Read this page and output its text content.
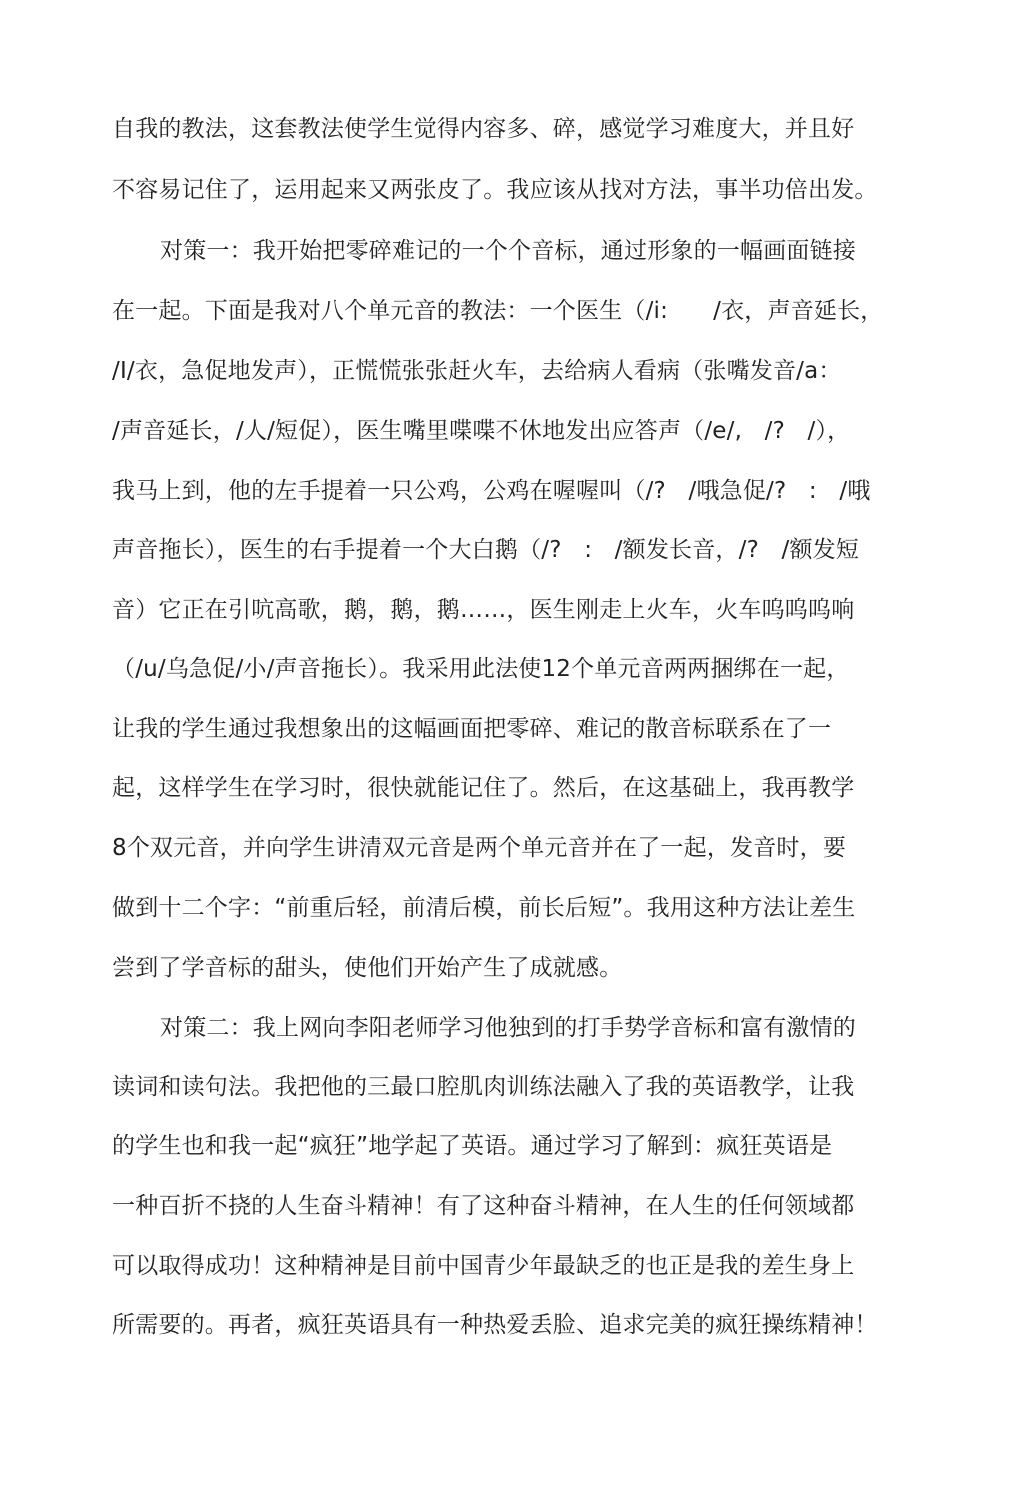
自我的教法，这套教法使学生觉得内容多、碎，感觉学习难度大，并且好
不容易记住了，运用起来又两张皮了。我应该从找对方法，事半功倍出发。
对策一：我开始把零碎难记的一个个音标，通过形象的一幅画面链接
在一起。下面是我对八个单元音的教法：一个医生（/i:      /衣，声音延长，
/I/衣，急促地发声），正慌慌张张赶火车，去给病人看病（张嘴发音/a：
/声音延长，/人/短促），医生嘴里喋喋不休地发出应答声（/e/,   /?   /），
我马上到，他的左手提着一只公鸡，公鸡在喔喔叫（/?   /哦急促/?   :   /哦
声音拖长），医生的右手提着一个大白鹅（/?   :   /额发长音，/?   /额发短
音）它正在引吭高歌，鹅，鹅，鹅……，医生刚走上火车，火车呜呜呜响
（/u/乌急促/小/声音拖长）。我采用此法使12个单元音两两捆绑在一起，
让我的学生通过我想象出的这幅画面把零碎、难记的散音标联系在了一
起，这样学生在学习时，很快就能记住了。然后，在这基础上，我再教学
8个双元音，并向学生讲清双元音是两个单元音并在了一起，发音时，要
做到十二个字：“前重后轻，前清后模，前长后短”。我用这种方法让差生
尝到了学音标的甜头，使他们开始产生了成就感。
对策二：我上网向李阳老师学习他独到的打手势学音标和富有激情的
读词和读句法。我把他的三最口腔肌肉训练法融入了我的英语教学，让我
的学生也和我一起“疯狂”地学起了英语。通过学习了解到：疯狂英语是
一种百折不挠的人生奋斗精神！有了这种奋斗精神，在人生的任何领域都
可以取得成功！这种精神是目前中国青少年最缺乏的也正是我的差生身上
所需要的。再者，疯狂英语具有一种热爱丢脸、追求完美的疯狂操练精神！
